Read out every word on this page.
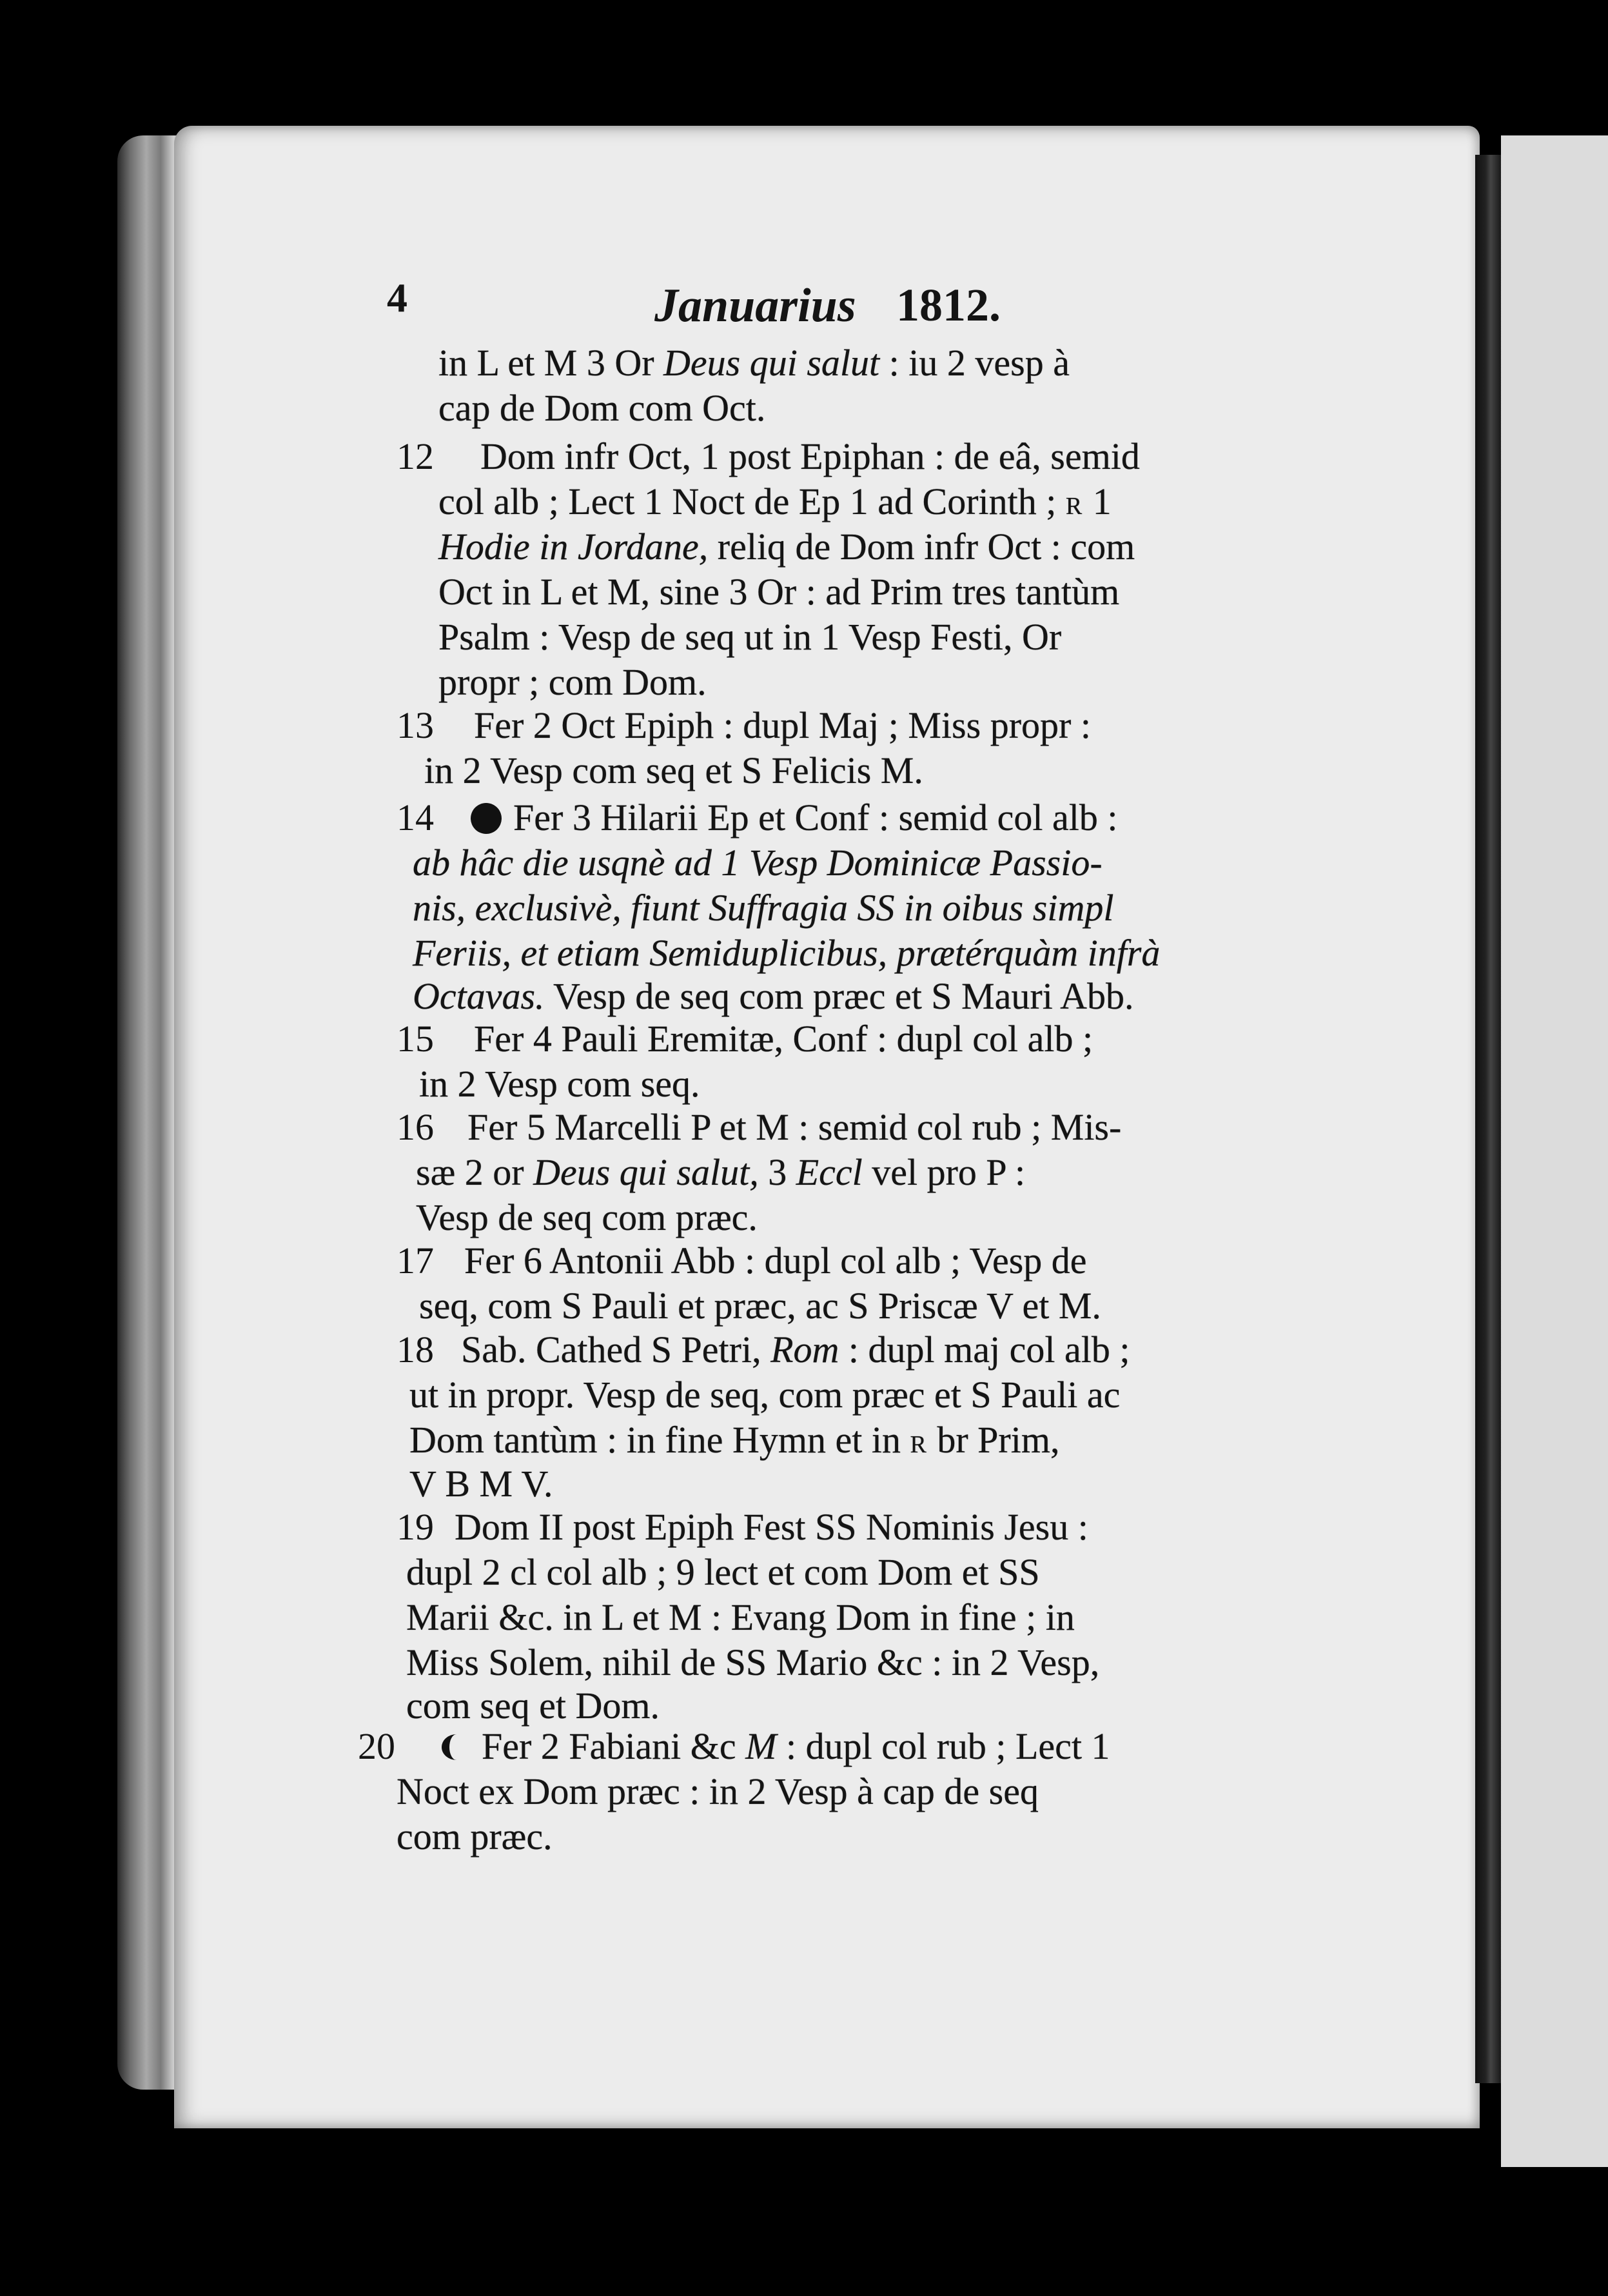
4	Januarius 1812.
in L et M 3 Or Deus qui salut : iu 2 vesp à
cap de Dom com Oct.
12 Dom infr Oct, 1 post Epiphan : de eâ, semid
col alb ; Lect 1 Noct de Ep 1 ad Corinth ; R 1
Hodie in Jordane, reliq de Dom infr Oct : com
Oct in L et M, sine 3 Or : ad Prim tres tantùm
Psalm : Vesp de seq ut in 1 Vesp Festi, Or
propr ; com Dom.
13 Fer 2 Oct Epiph : dupl Maj ; Miss propr :
in 2 Vesp com seq et S Felicis M.
14	Fer 3 Hilarii Ep et Conf : semid col alb :
ab hâc die usqnè ad 1 Vesp Dominicæ Passio-
nis, exclusivè, fiunt Suffragia SS in oibus simpl
Feriis, et etiam Semiduplicibus, prætérquàm infrà
Octavas. Vesp de seq com præc et S Mauri Abb.
15 Fer 4 Pauli Eremitæ, Conf : dupl col alb ;
in 2 Vesp com seq.
16 Fer 5 Marcelli P et M : semid col rub ; Mis-
sæ 2 or Deus qui salut, 3 Eccl vel pro P :
Vesp de seq com præc.
17 Fer 6 Antonii Abb : dupl col alb ; Vesp de
seq, com S Pauli et præc, ac S Priscæ V et M.
18 Sab. Cathed S Petri, Rom : dupl maj col alb ;
ut in propr. Vesp de seq, com præc et S Pauli ac
Dom tantùm : in fine Hymn et in R br Prim,
V B M V.
19 Dom II post Epiph Fest SS Nominis Jesu :
dupl 2 cl col alb ; 9 lect et com Dom et SS
Marii &c. in L et M : Evang Dom in fine ; in
Miss Solem, nihil de SS Mario &c : in 2 Vesp,
com seq et Dom.
20	Fer 2 Fabiani &c M : dupl col rub ; Lect 1
Noct ex Dom præc : in 2 Vesp à cap de seq
com præc.
